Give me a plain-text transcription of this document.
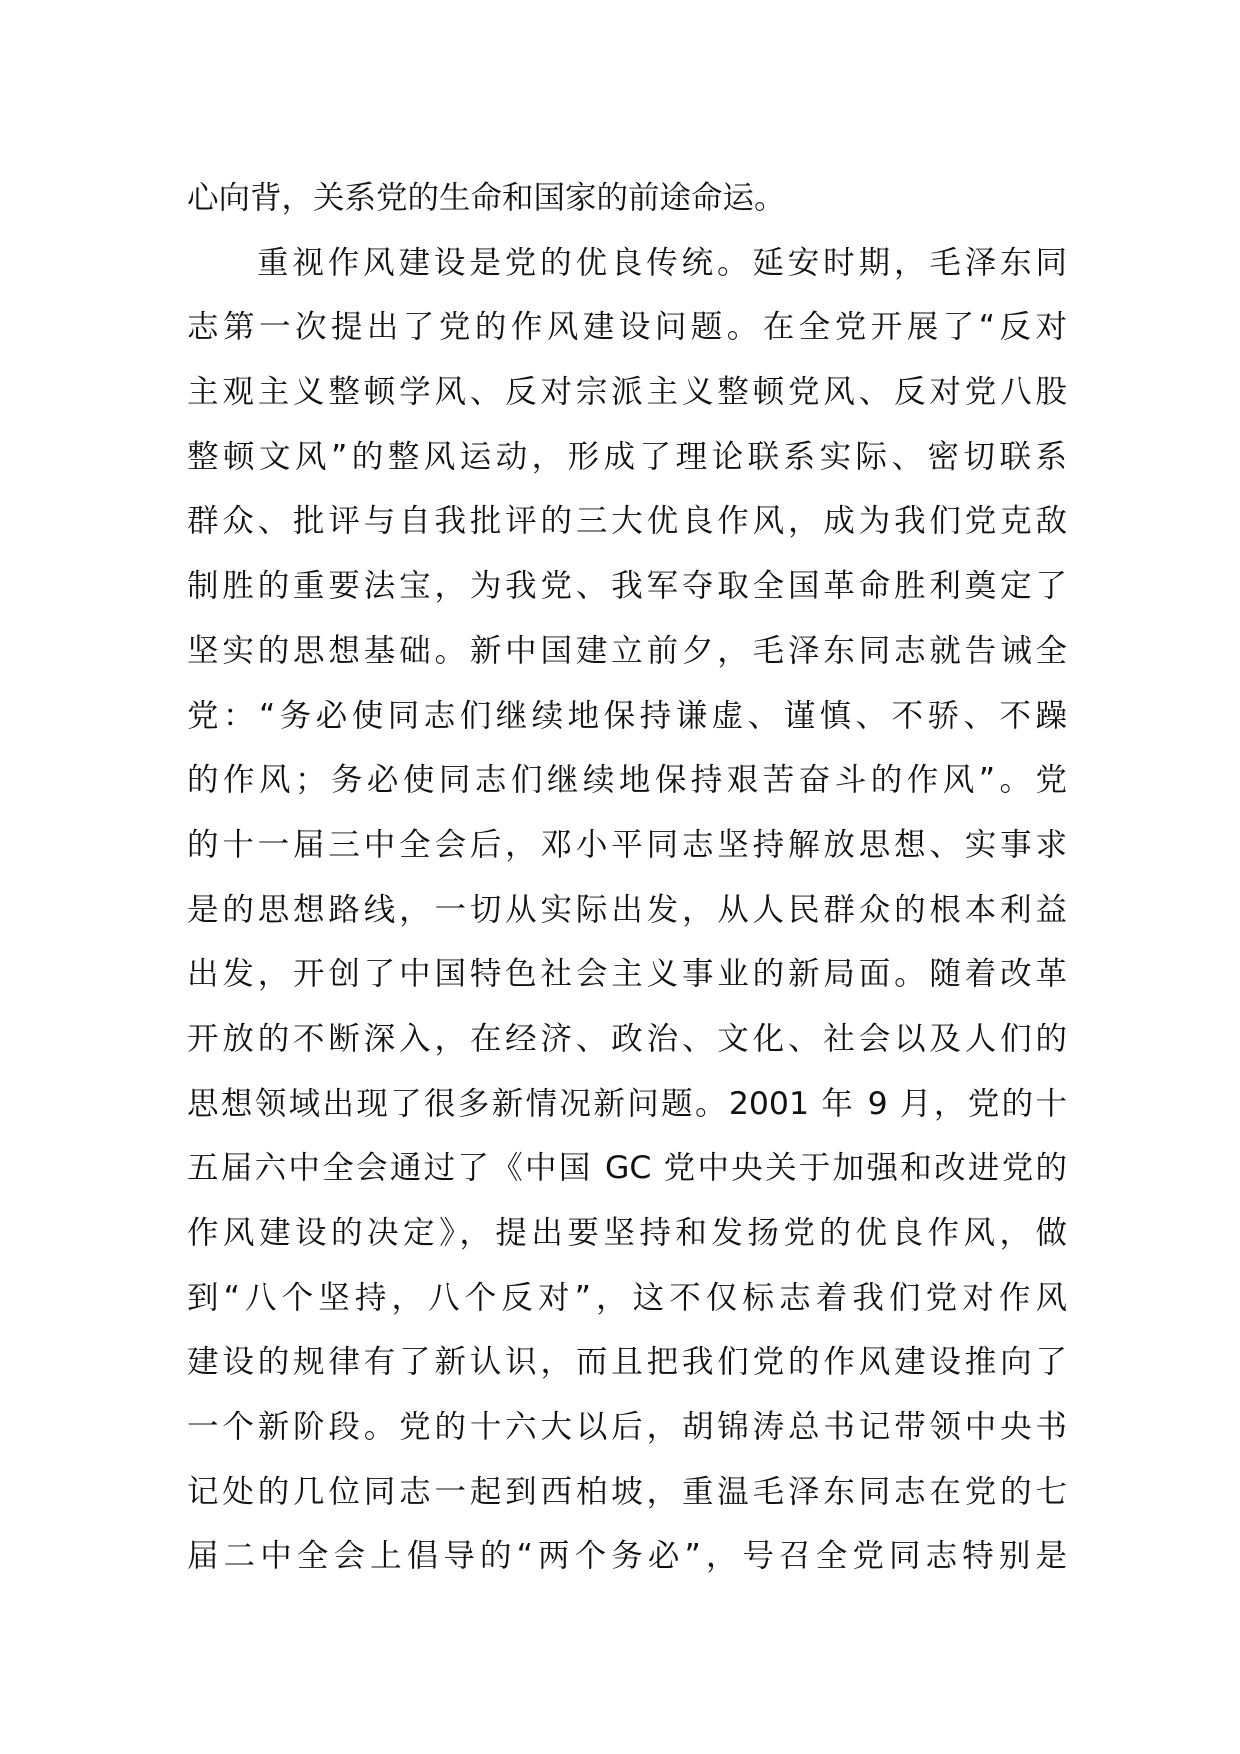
心向背，关系党的生命和国家的前途命运。
重视作风建设是党的优良传统。延安时期，毛泽东同
志第一次提出了党的作风建设问题。在全党开展了“反对
主观主义整顿学风、反对宗派主义整顿党风、反对党八股
整顿文风”的整风运动，形成了理论联系实际、密切联系
群众、批评与自我批评的三大优良作风，成为我们党克敌
制胜的重要法宝，为我党、我军夺取全国革命胜利奠定了
坚实的思想基础。新中国建立前夕，毛泽东同志就告诫全
党：“务必使同志们继续地保持谦虚、谨慎、不骄、不躁
的作风；务必使同志们继续地保持艰苦奋斗的作风”。党
的十一届三中全会后，邓小平同志坚持解放思想、实事求
是的思想路线，一切从实际出发，从人民群众的根本利益
出发，开创了中国特色社会主义事业的新局面。随着改革
开放的不断深入，在经济、政治、文化、社会以及人们的
思想领域出现了很多新情况新问题。2001 年 9 月，党的十
五届六中全会通过了《中国 GC 党中央关于加强和改进党的
作风建设的决定》，提出要坚持和发扬党的优良作风，做
到“八个坚持，八个反对”，这不仅标志着我们党对作风
建设的规律有了新认识，而且把我们党的作风建设推向了
一个新阶段。党的十六大以后，胡锦涛总书记带领中央书
记处的几位同志一起到西柏坡，重温毛泽东同志在党的七
届二中全会上倡导的“两个务必”，号召全党同志特别是
